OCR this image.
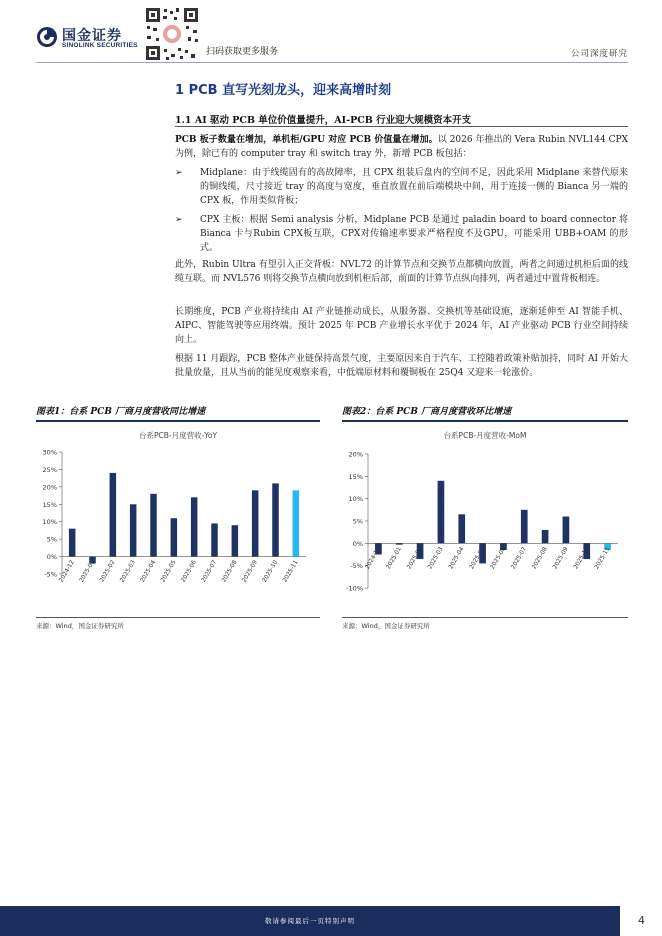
国金证券
SINOLINK SECURITIES
扫码获取更多服务	公司深度研究
1 PCB 直写光刻龙头，迎来高增时刻
1.1 AI 驱动 PCB 单位价值量提升，AI-PCB 行业迎大规模资本开支
PCB 板子数量在增加，单机柜/GPU 对应 PCB 价值量在增加。以 2026 年推出的 Vera Rubin NVL144 CPX 为例，除已有的 computer tray 和 switch tray 外，新增 PCB 板包括：
➢ Midplane：由于线缆固有的高故障率，且 CPX 组装后盘内的空间不足，因此采用 Midplane 来替代原来的铜线缆，尺寸接近 tray 的高度与宽度，垂直放置在前后端模块中间，用于连接一侧的 Bianca 另一端的 CPX 板，作用类似背板；
➢ CPX 主板：根据 Semi analysis 分析，Midplane PCB 是通过 paladin board to board connector 将Bianca 卡与Rubin CPX板互联，CPX对传输速率要求严格程度不及GPU，可能采用 UBB+OAM 的形式。
此外，Rubin Ultra 有望引入正交背板：NVL72 的计算节点和交换节点都横向放置，两者之间通过机柜后面的线缆互联。而 NVL576 则将交换节点横向放到机柜后部，前面的计算节点纵向排列，两者通过中置背板相连。
长期维度，PCB 产业将持续由 AI 产业链推动成长，从服务器、交换机等基础设施，逐渐延伸至 AI 智能手机、AIPC、智能驾驶等应用终端。预计 2025 年 PCB 产业增长水平优于 2024 年，AI 产业驱动 PCB 行业空间持续向上。
根据 11 月跟踪，PCB 整体产业链保持高景气度，主要原因来自于汽车、工控随着政策补贴加持，同时 AI 开始大批量放量，且从当前的能见度观察来看，中低端原材料和覆铜板在 25Q4 又迎来一轮涨价。
图表1：台系 PCB 厂商月度营收同比增速
台系PCB-月度营收-YoY
30%
25%
20%
15%
10%
5%
0%
-5% 2024-12 2025-01 2025-02 2025-03 2025-04 2025-05 2025-06 2025-07 2025-08 2025-09 2025-10 2025-11
来源：Wind，国金证券研究所
图表2：台系 PCB 厂商月度营收环比增速
台系PCB-月度营收-MoM
20%
15%
10%
5%
0%
-5%
-10%
2024-12 2025-01 2025-02 2025-03 2025-04 2025-05 2025-06 2025-07 2025-08 2025-09 2025-10 2025-11
来源：Wind，国金证券研究所
敬请参阅最后一页特别声明	4
